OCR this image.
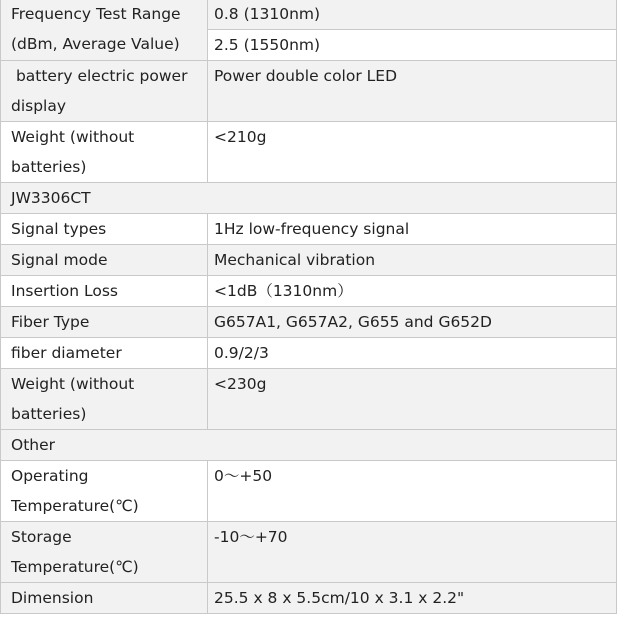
Frequency Test Range (dBm, Average Value)	0.8 (1310nm)
	2.5 (1550nm)
battery electric power display	Power double color LED
Weight (without batteries)	<210g
JW3306CT	
Signal types	1Hz low-frequency signal
Signal mode	Mechanical vibration
Insertion Loss	<1dB（1310nm）
Fiber Type	G657A1, G657A2, G655 and G652D
fiber diameter	0.9/2/3
Weight (without batteries)	<230g
Other	
Operating Temperature(℃)	0～+50
Storage Temperature(℃)	-10～+70
Dimension	25.5 x 8 x 5.5cm/10 x 3.1 x 2.2"
